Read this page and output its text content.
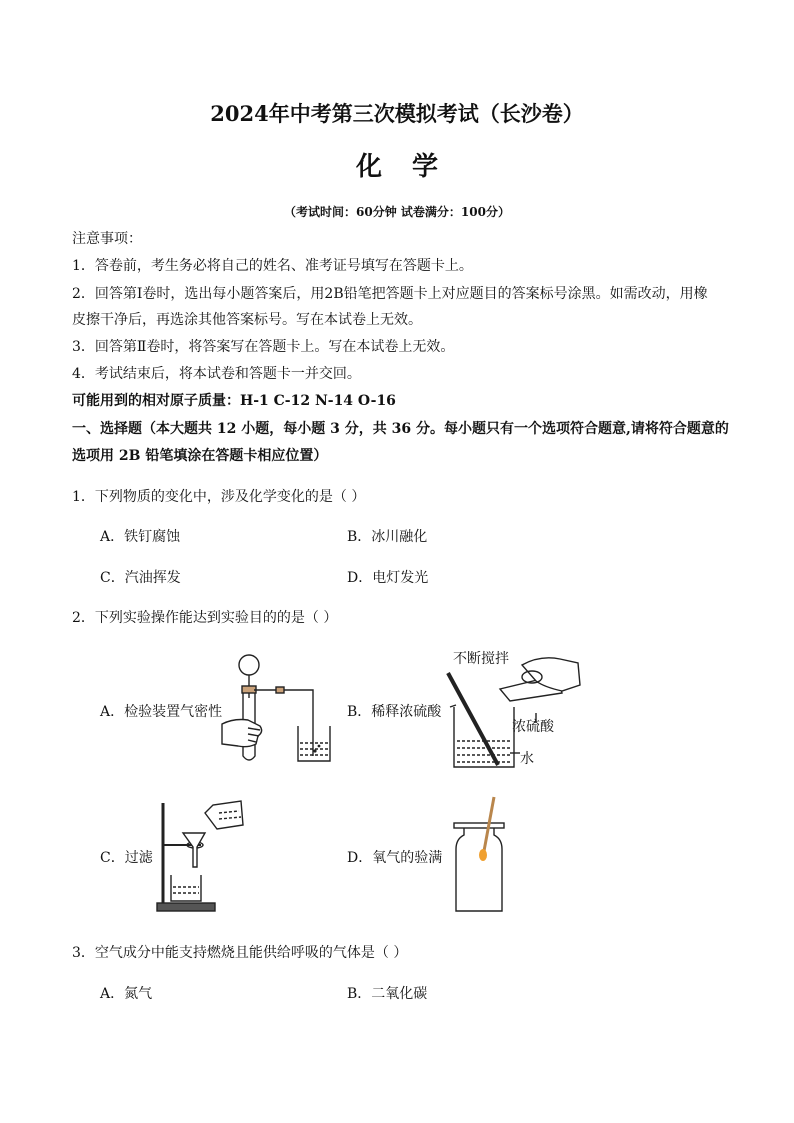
2024年中考第三次模拟考试（长沙卷）
化学
（考试时间：60分钟 试卷满分：100分）
注意事项：
1．答卷前，考生务必将自己的姓名、准考证号填写在答题卡上。
2．回答第Ⅰ卷时，选出每小题答案后，用2B铅笔把答题卡上对应题目的答案标号涂黑。如需改动，用橡
皮擦干净后，再选涂其他答案标号。写在本试卷上无效。
3．回答第Ⅱ卷时，将答案写在答题卡上。写在本试卷上无效。
4．考试结束后，将本试卷和答题卡一并交回。
可能用到的相对原子质量：H-1 C-12 N-14 O-16
一、选择题（本大题共 12 小题，每小题 3 分，共 36 分。每小题只有一个选项符合题意,请将符合题意的
选项用 2B 铅笔填涂在答题卡相应位置）
1．下列物质的变化中，涉及化学变化的是（ ）
A．铁钉腐蚀	B．冰川融化
C．汽油挥发	D．电灯发光
2．下列实验操作能达到实验目的的是（ ）
A．检验装置气密性	B．稀释浓硫酸
C．过滤	D．氧气的验满
不断搅拌
浓硫酸
水
3．空气成分中能支持燃烧且能供给呼吸的气体是（ ）
A．氮气	B．二氧化碳
